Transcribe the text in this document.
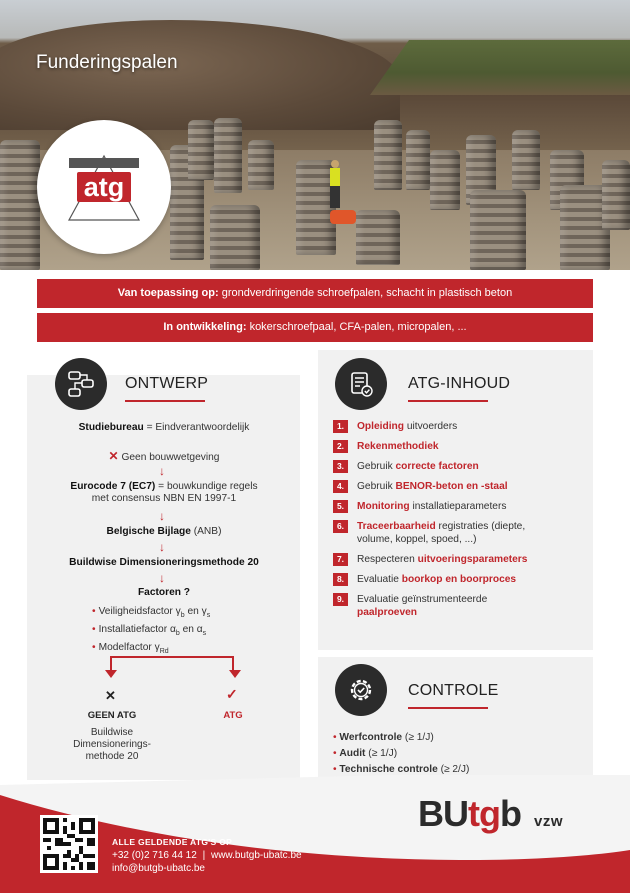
Funderingspalen
atg
Van toepassing op: grondverdringende schroefpalen, schacht in plastisch beton
In ontwikkeling: kokerschroefpaal, CFA-palen, micropalen, ...
ONTWERP
Studiebureau = Eindverantwoordelijk
✕ Geen bouwwetgeving
↓
Eurocode 7 (EC7) = bouwkundige regels
met consensus NBN EN 1997-1
↓
Belgische Bijlage (ANB)
↓
Buildwise Dimensioneringsmethode 20
↓
Factoren ?
• Veiligheidsfactor $\gamma_b$ en $\gamma_s$
• Installatiefactor $\alpha_b$ en $\alpha_s$
• Modelfactor $\gamma_{Rd}$
✕	✓
GEEN ATG	ATG
Buildwise
Dimensionerings-
methode 20
ATG-INHOUD
1.	Opleiding uitvoerders
2.	Rekenmethodiek
3.	Gebruik correcte factoren
4.	Gebruik BENOR-beton en -staal
5.	Monitoring installatieparameters
6.	Traceerbaarheid registraties (diepte,
volume, koppel, spoed, ...)
7.	Respecteren uitvoeringsparameters
8.	Evaluatie boorkop en boorproces
9.	Evaluatie geïnstrumenteerde
paalproeven
CONTROLE
• Werfcontrole (≥ 1/J)
• Audit (≥ 1/J)
• Technische controle (≥ 2/J)
BUtgb vzw
ALLE GELDENDE ATG'S OP
+32 (0)2 716 44 12 | www.butgb-ubatc.be
info@butgb-ubatc.be
